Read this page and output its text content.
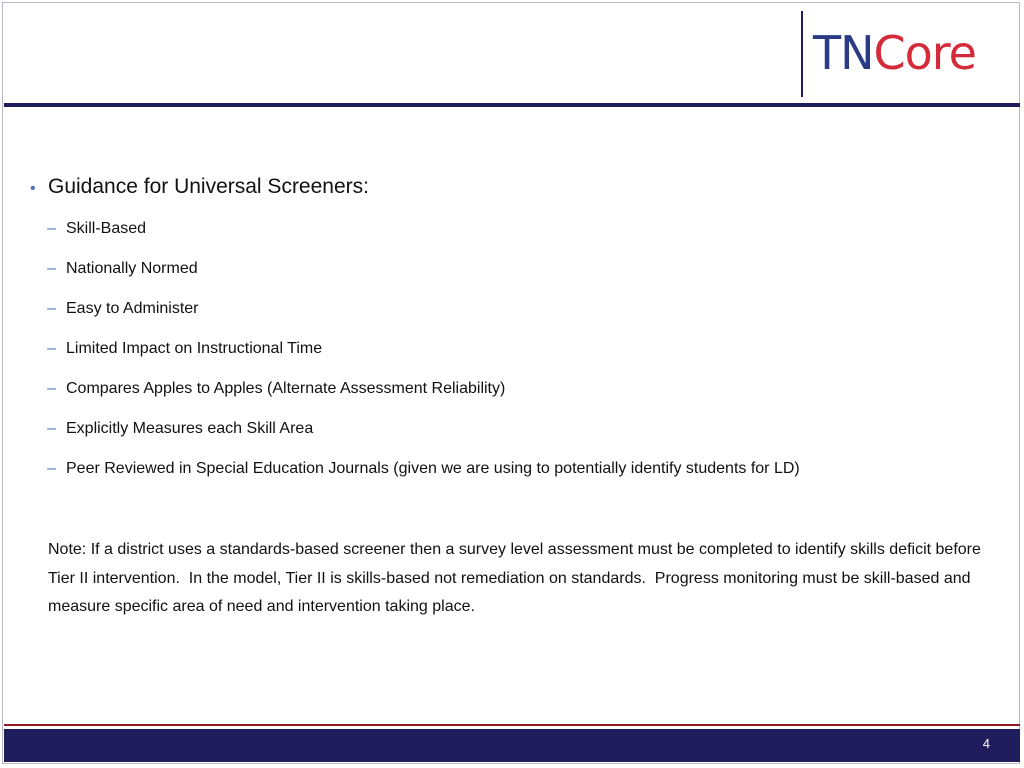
TNCore
• Guidance for Universal Screeners:
– Skill-Based
– Nationally Normed
– Easy to Administer
– Limited Impact on Instructional Time
– Compares Apples to Apples (Alternate Assessment Reliability)
– Explicitly Measures each Skill Area
– Peer Reviewed in Special Education Journals (given we are using to potentially identify students for LD)
Note: If a district uses a standards-based screener then a survey level assessment must be completed to identify skills deficit before Tier II intervention.  In the model, Tier II is skills-based not remediation on standards.  Progress monitoring must be skill-based and measure specific area of need and intervention taking place.
4
